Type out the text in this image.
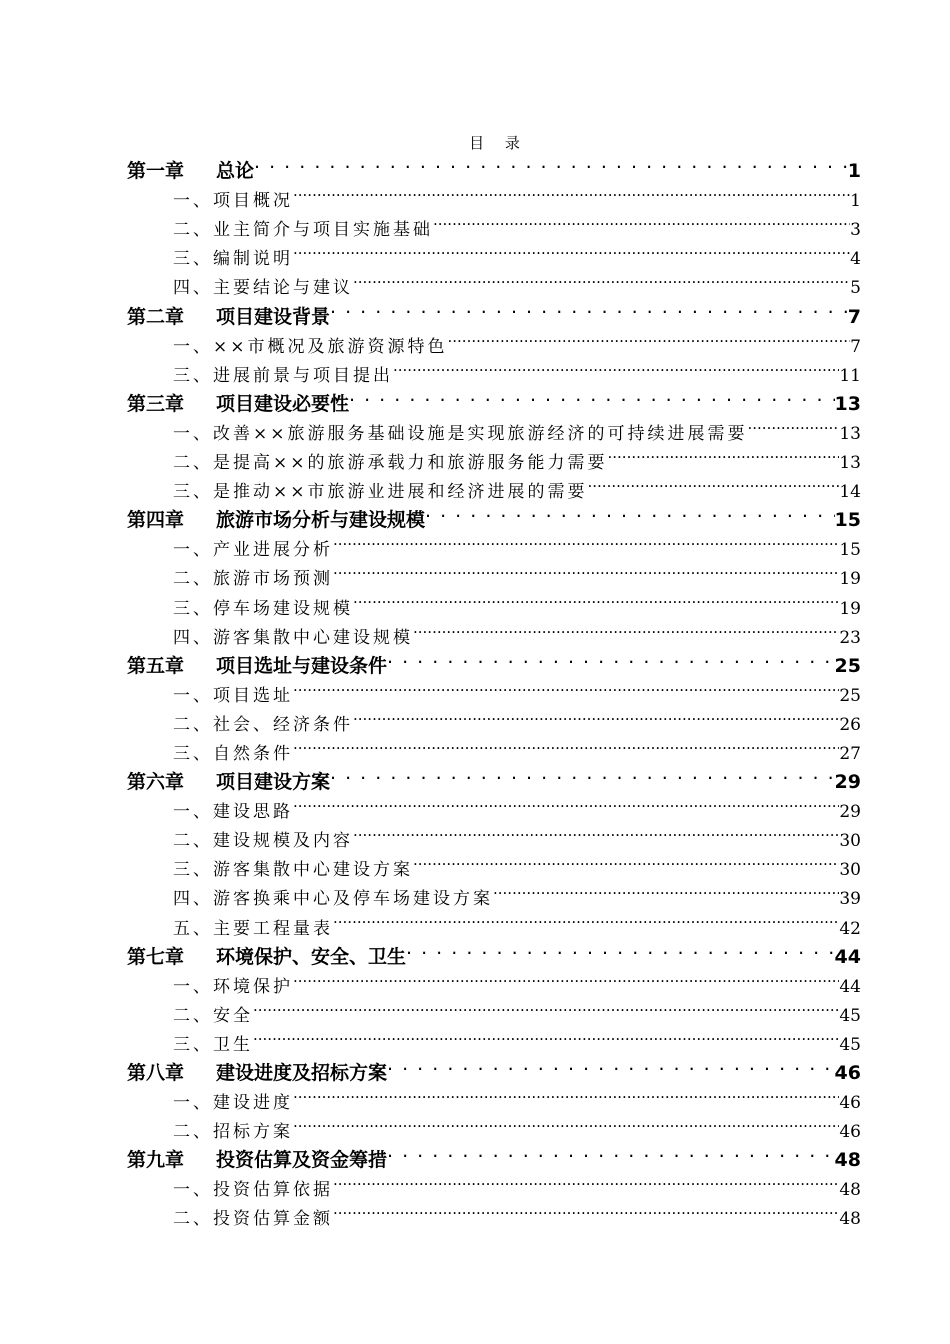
目 录
第一章	总论 . . .	1
一、项目概况 .....	1
二、业主简介与项目实施基础 .....	3
三、编制说明 .....	4
四、主要结论与建议 .....	5
第二章	项目建设背景 . . .	7
一、××市概况及旅游资源特色 .....	7
三、进展前景与项目提出 .....	11
第三章	项目建设必要性 . . .	13
一、改善××旅游服务基础设施是实现旅游经济的可持续进展需要 .....	13
二、是提高××的旅游承载力和旅游服务能力需要 .....	13
三、是推动××市旅游业进展和经济进展的需要 .....	14
第四章	旅游市场分析与建设规模 . . .	15
一、产业进展分析 .....	15
二、旅游市场预测 .....	19
三、停车场建设规模 .....	19
四、游客集散中心建设规模 .....	23
第五章	项目选址与建设条件 . . .	25
一、项目选址 .....	25
二、社会、经济条件 .....	26
三、自然条件 .....	27
第六章	项目建设方案 . . .	29
一、建设思路 .....	29
二、建设规模及内容 .....	30
三、游客集散中心建设方案 .....	30
四、游客换乘中心及停车场建设方案 .....	39
五、主要工程量表 .....	42
第七章	环境保护、安全、卫生 . . .	44
一、环境保护 .....	44
二、安全 .....	45
三、卫生 .....	45
第八章	建设进度及招标方案 . . .	46
一、建设进度 .....	46
二、招标方案 .....	46
第九章	投资估算及资金筹措 . . .	48
一、投资估算依据 .....	48
二、投资估算金额 .....	48
